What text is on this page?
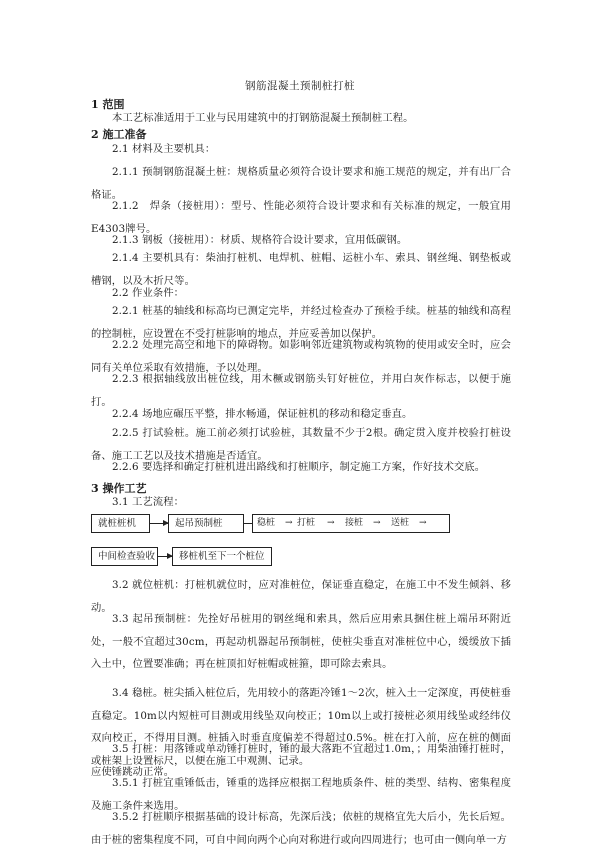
钢筋混凝土预制桩打桩
1 范围
本工艺标准适用于工业与民用建筑中的打钢筋混凝土预制桩工程。
2 施工准备
2.1 材料及主要机具：
2.1.1 预制钢筋混凝土桩：规格质量必须符合设计要求和施工规范的规定，并有出厂合格证。
2.1.2　焊条（接桩用）：型号、性能必须符合设计要求和有关标准的规定，一般宜用E4303牌号。
2.1.3 钢板（接桩用）：材质、规格符合设计要求，宜用低碳钢。
2.1.4 主要机具有：柴油打桩机、电焊机、桩帽、运桩小车、索具、钢丝绳、钢垫板或槽钢，以及木折尺等。
2.2 作业条件：
2.2.1 桩基的轴线和标高均已测定完毕，并经过检查办了预检手续。桩基的轴线和高程的控制桩，应设置在不受打桩影响的地点，并应妥善加以保护。
2.2.2 处理完高空和地下的障碍物。如影响邻近建筑物或构筑物的使用或安全时，应会同有关单位采取有效措施，予以处理。
2.2.3 根据轴线放出桩位线，用木橛或钢筋头钉好桩位，并用白灰作标志，以便于施打。
2.2.4 场地应碾压平整，排水畅通，保证桩机的移动和稳定垂直。
2.2.5 打试验桩。施工前必须打试验桩，其数量不少于2根。确定贯入度并校验打桩设备、施工工艺以及技术措施是否适宜。
2.2.6 要选择和确定打桩机进出路线和打桩顺序，制定施工方案，作好技术交底。
3 操作工艺
3.1 工艺流程：
就桩桩机	起吊预制桩	稳桩 → 打桩 → 接桩 → 送桩 →
中间检查验收	移桩机至下一个桩位
3.2 就位桩机：打桩机就位时，应对准桩位，保证垂直稳定，在施工中不发生倾斜、移动。
3.3 起吊预制桩：先拴好吊桩用的钢丝绳和索具，然后应用索具捆住桩上端吊环附近处，一般不宜超过30cm，再起动机器起吊预制桩，使桩尖垂直对准桩位中心，缓缓放下插入土中，位置要准确；再在桩顶扣好桩帽或桩箍，即可除去索具。
3.4 稳桩。桩尖插入桩位后，先用较小的落距冷锤1～2次，桩入土一定深度，再使桩垂直稳定。10m以内短桩可目测或用线坠双向校正；10m以上或打接桩必须用线坠或经纬仪双向校正，不得用目测。桩插入时垂直度偏差不得超过0.5%。桩在打入前，应在桩的侧面或桩架上设置标尺，以便在施工中观测、记录。
3.5 打桩：用落锤或单动锤打桩时，锤的最大落距不宜超过1.0m，；用柴油锤打桩时，应使锤跳动正常。
3.5.1 打桩宜重锤低击，锤重的选择应根据工程地质条件、桩的类型、结构、密集程度及施工条件来选用。
3.5.2 打桩顺序根据基础的设计标高，先深后浅；依桩的规格宜先大后小，先长后短。由于桩的密集程度不同，可自中间向两个心向对称进行或向四周进行；也可由一侧向单一方
